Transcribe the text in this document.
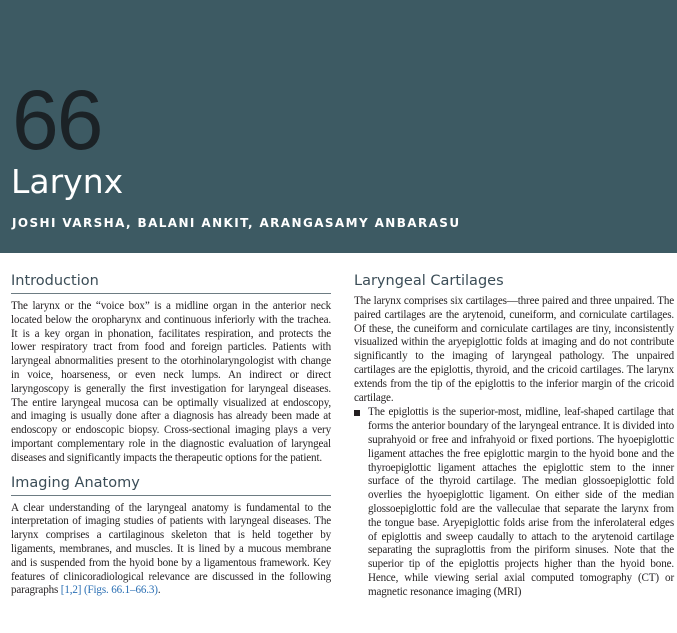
66
Larynx
JOSHI VARSHA, BALANI ANKIT, ARANGASAMY ANBARASU
Introduction

The larynx or the “voice box” is a midline organ in the anterior neck located below the oropharynx and continuous inferiorly with the trachea. It is a key organ in phonation, facilitates respiration, and protects the lower respiratory tract from food and foreign particles. Patients with laryngeal abnormalities present to the otorhinolaryngologist with change in voice, hoarseness, or even neck lumps. An indirect or direct laryngoscopy is generally the first investigation for laryngeal diseases. The entire laryngeal mucosa can be optimally visualized at endoscopy, and imaging is usually done after a diagnosis has already been made at endoscopy or endoscopic biopsy. Cross-sectional imaging plays a very important complementary role in the diagnostic evaluation of laryngeal diseases and significantly impacts the therapeutic options for the patient.

Imaging Anatomy

A clear understanding of the laryngeal anatomy is fundamental to the interpretation of imaging studies of patients with laryngeal diseases. The larynx comprises a cartilaginous skeleton that is held together by ligaments, membranes, and muscles. It is lined by a mucous membrane and is suspended from the hyoid bone by a ligamentous framework. Key features of clinicoradiological relevance are discussed in the following paragraphs [1,2] (Figs. 66.1–66.3).

Laryngeal Cartilages

The larynx comprises six cartilages—three paired and three unpaired. The paired cartilages are the arytenoid, cuneiform, and corniculate cartilages. Of these, the cuneiform and corniculate cartilages are tiny, inconsistently visualized within the aryepiglottic folds at imaging and do not contribute significantly to the imaging of laryngeal pathology. The unpaired cartilages are the epiglottis, thyroid, and the cricoid cartilages. The larynx extends from the tip of the epiglottis to the inferior margin of the cricoid cartilage.

The epiglottis is the superior-most, midline, leaf-shaped cartilage that forms the anterior boundary of the laryngeal entrance. It is divided into suprahyoid or free and infrahyoid or fixed portions. The hyoepiglottic ligament attaches the free epiglottic margin to the hyoid bone and the thyroepiglottic ligament attaches the epiglottic stem to the inner surface of the thyroid cartilage. The median glossoepiglottic fold overlies the hyoepiglottic ligament. On either side of the median glossoepiglottic fold are the valleculae that separate the larynx from the tongue base. Aryepiglottic folds arise from the inferolateral edges of epiglottis and sweep caudally to attach to the arytenoid cartilage separating the supraglottis from the piriform sinuses. Note that the superior tip of the epiglottis projects higher than the hyoid bone. Hence, while viewing serial axial computed tomography (CT) or magnetic resonance imaging (MRI)
